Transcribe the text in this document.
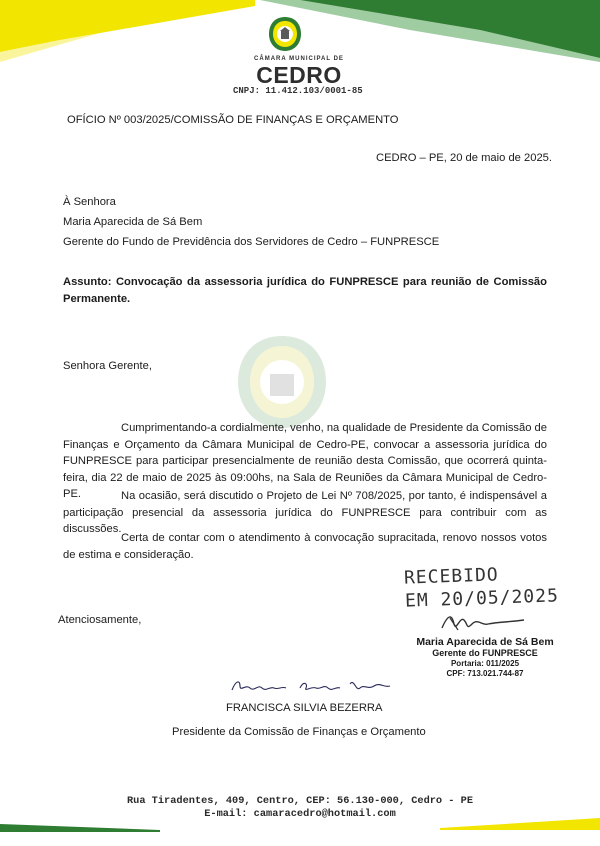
CÂMARA MUNICIPAL DE
CEDRO
CNPJ: 11.412.103/0001-85
OFÍCIO Nº 003/2025/COMISSÃO DE FINANÇAS E ORÇAMENTO
CEDRO – PE, 20 de maio de 2025.
À Senhora
Maria Aparecida de Sá Bem
Gerente do Fundo de Previdência dos Servidores de Cedro – FUNPRESCE
Assunto: Convocação da assessoria jurídica do FUNPRESCE para reunião de Comissão Permanente.
Senhora Gerente,
Cumprimentando-a cordialmente, venho, na qualidade de Presidente da Comissão de Finanças e Orçamento da Câmara Municipal de Cedro-PE, convocar a assessoria jurídica do FUNPRESCE para participar presencialmente de reunião desta Comissão, que ocorrerá quinta-feira, dia 22 de maio de 2025 às 09:00hs, na Sala de Reuniões da Câmara Municipal de Cedro-PE.	Na ocasião, será discutido o Projeto de Lei Nº 708/2025, por tanto, é indispensável a participação presencial da assessoria jurídica do FUNPRESCE para contribuir com as discussões.
Certa de contar com o atendimento à convocação supracitada, renovo nossos votos de estima e consideração.
Atenciosamente,
RECEBIDO
EM 20/05/2025
Maria Aparecida de Sá Bem
Gerente do FUNPRESCE
Portaria: 011/2025
CPF: 713.021.744-87
FRANCISCA SILVIA BEZERRA
Presidente da Comissão de Finanças e Orçamento
Rua Tiradentes, 409, Centro, CEP: 56.130-000, Cedro - PE
E-mail: camaracedro@hotmail.com
